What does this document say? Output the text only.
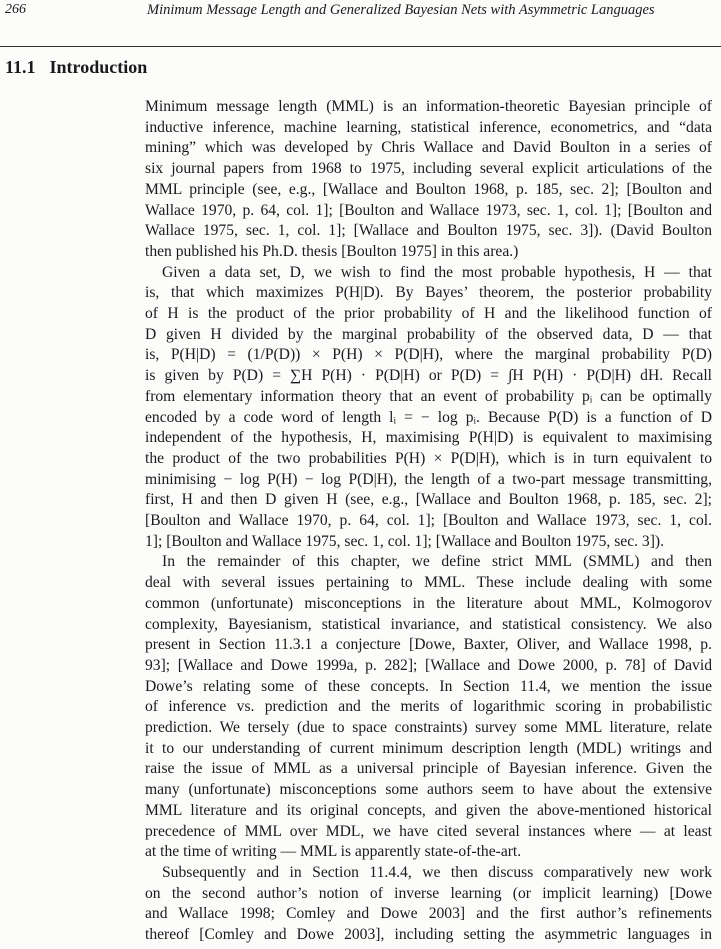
266	Minimum Message Length and Generalized Bayesian Nets with Asymmetric Languages
11.1 Introduction
Minimum message length (MML) is an information-theoretic Bayesian principle of
inductive inference, machine learning, statistical inference, econometrics, and “data
mining” which was developed by Chris Wallace and David Boulton in a series of
six journal papers from 1968 to 1975, including several explicit articulations of the
MML principle (see, e.g., [Wallace and Boulton 1968, p. 185, sec. 2]; [Boulton and
Wallace 1970, p. 64, col. 1]; [Boulton and Wallace 1973, sec. 1, col. 1]; [Boulton and
Wallace 1975, sec. 1, col. 1]; [Wallace and Boulton 1975, sec. 3]). (David Boulton
then published his Ph.D. thesis [Boulton 1975] in this area.)
Given a data set, D, we wish to find the most probable hypothesis, H — that
is, that which maximizes P(H|D). By Bayes’ theorem, the posterior probability
of H is the product of the prior probability of H and the likelihood function of
D given H divided by the marginal probability of the observed data, D — that
is, P(H|D) = (1/P(D)) × P(H) × P(D|H), where the marginal probability P(D)
is given by P(D) = ∑H P(H) · P(D|H) or P(D) = ∫H P(H) · P(D|H) dH. Recall
from elementary information theory that an event of probability pᵢ can be optimally
encoded by a code word of length lᵢ = − log pᵢ. Because P(D) is a function of D
independent of the hypothesis, H, maximising P(H|D) is equivalent to maximising
the product of the two probabilities P(H) × P(D|H), which is in turn equivalent to
minimising − log P(H) − log P(D|H), the length of a two-part message transmitting,
first, H and then D given H (see, e.g., [Wallace and Boulton 1968, p. 185, sec. 2];
[Boulton and Wallace 1970, p. 64, col. 1]; [Boulton and Wallace 1973, sec. 1, col.
1]; [Boulton and Wallace 1975, sec. 1, col. 1]; [Wallace and Boulton 1975, sec. 3]).
In the remainder of this chapter, we define strict MML (SMML) and then
deal with several issues pertaining to MML. These include dealing with some
common (unfortunate) misconceptions in the literature about MML, Kolmogorov
complexity, Bayesianism, statistical invariance, and statistical consistency. We also
present in Section 11.3.1 a conjecture [Dowe, Baxter, Oliver, and Wallace 1998, p.
93]; [Wallace and Dowe 1999a, p. 282]; [Wallace and Dowe 2000, p. 78] of David
Dowe’s relating some of these concepts. In Section 11.4, we mention the issue
of inference vs. prediction and the merits of logarithmic scoring in probabilistic
prediction. We tersely (due to space constraints) survey some MML literature, relate
it to our understanding of current minimum description length (MDL) writings and
raise the issue of MML as a universal principle of Bayesian inference. Given the
many (unfortunate) misconceptions some authors seem to have about the extensive
MML literature and its original concepts, and given the above-mentioned historical
precedence of MML over MDL, we have cited several instances where — at least
at the time of writing — MML is apparently state-of-the-art.
Subsequently and in Section 11.4.4, we then discuss comparatively new work
on the second author’s notion of inverse learning (or implicit learning) [Dowe
and Wallace 1998; Comley and Dowe 2003] and the first author’s refinements
thereof [Comley and Dowe 2003], including setting the asymmetric languages in
